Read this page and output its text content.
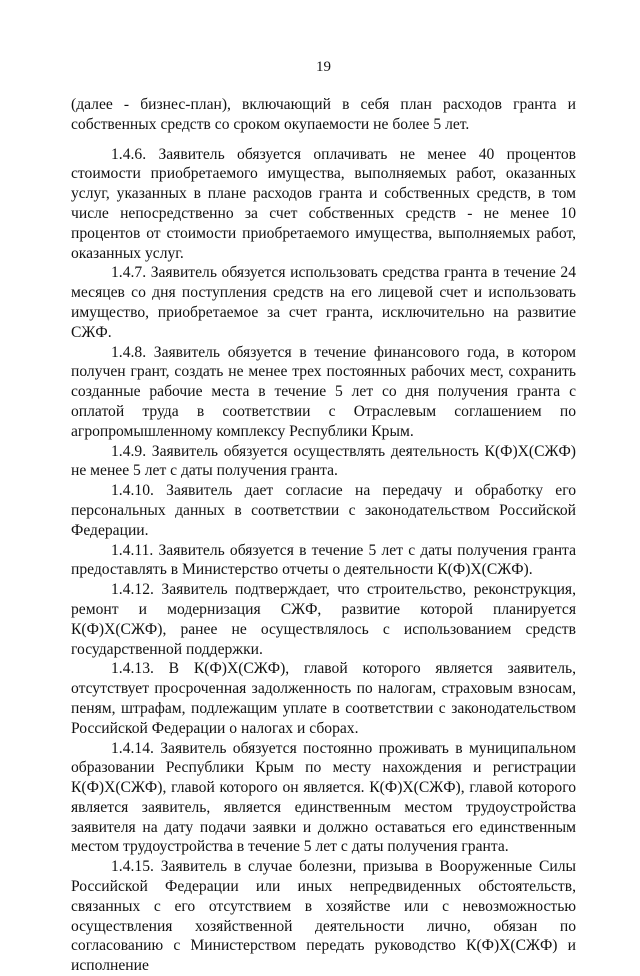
19

(далее - бизнес-план), включающий в себя план расходов гранта и собственных средств со сроком окупаемости не более 5 лет.

1.4.6. Заявитель обязуется оплачивать не менее 40 процентов стоимости приобретаемого имущества, выполняемых работ, оказанных услуг, указанных в плане расходов гранта и собственных средств, в том числе непосредственно за счет собственных средств - не менее 10 процентов от стоимости приобретаемого имущества, выполняемых работ, оказанных услуг.

1.4.7. Заявитель обязуется использовать средства гранта в течение 24 месяцев со дня поступления средств на его лицевой счет и использовать имущество, приобретаемое за счет гранта, исключительно на развитие СЖФ.

1.4.8. Заявитель обязуется в течение финансового года, в котором получен грант, создать не менее трех постоянных рабочих мест, сохранить созданные рабочие места в течение 5 лет со дня получения гранта с оплатой труда в соответствии с Отраслевым соглашением по агропромышленному комплексу Республики Крым.

1.4.9. Заявитель обязуется осуществлять деятельность К(Ф)Х(СЖФ) не менее 5 лет с даты получения гранта.

1.4.10. Заявитель дает согласие на передачу и обработку его персональных данных в соответствии с законодательством Российской Федерации.

1.4.11. Заявитель обязуется в течение 5 лет с даты получения гранта предоставлять в Министерство отчеты о деятельности К(Ф)Х(СЖФ).

1.4.12. Заявитель подтверждает, что строительство, реконструкция, ремонт и модернизация СЖФ, развитие которой планируется К(Ф)Х(СЖФ), ранее не осуществлялось с использованием средств государственной поддержки.

1.4.13. В К(Ф)Х(СЖФ), главой которого является заявитель, отсутствует просроченная задолженность по налогам, страховым взносам, пеням, штрафам, подлежащим уплате в соответствии с законодательством Российской Федерации о налогах и сборах.

1.4.14. Заявитель обязуется постоянно проживать в муниципальном образовании Республики Крым по месту нахождения и регистрации К(Ф)Х(СЖФ), главой которого он является. К(Ф)Х(СЖФ), главой которого является заявитель, является единственным местом трудоустройства заявителя на дату подачи заявки и должно оставаться его единственным местом трудоустройства в течение 5 лет с даты получения гранта.

1.4.15. Заявитель в случае болезни, призыва в Вооруженные Силы Российской Федерации или иных непредвиденных обстоятельств, связанных с его отсутствием в хозяйстве или с невозможностью осуществления хозяйственной деятельности лично, обязан по согласованию с Министерством передать руководство К(Ф)Х(СЖФ) и исполнение
